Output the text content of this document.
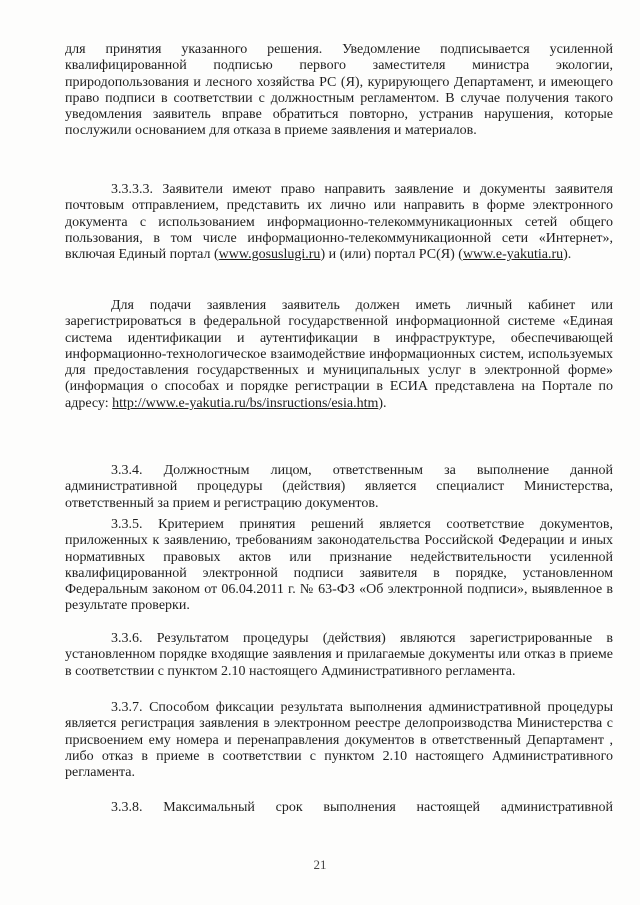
для принятия указанного решения. Уведомление подписывается усиленной квалифицированной подписью первого заместителя министра экологии, природопользования и лесного хозяйства РС (Я), курирующего Департамент, и имеющего право подписи в соответствии с должностным регламентом. В случае получения такого уведомления заявитель вправе обратиться повторно, устранив нарушения, которые послужили основанием для отказа в приеме заявления и материалов.

3.3.3.3. Заявители имеют право направить заявление и документы заявителя почтовым отправлением, представить их лично или направить в форме электронного документа с использованием информационно-телекоммуникационных сетей общего пользования, в том числе информационно-телекоммуникационной сети «Интернет», включая Единый портал (www.gosuslugi.ru) и (или) портал РС(Я) (www.e-yakutia.ru).

Для подачи заявления заявитель должен иметь личный кабинет или зарегистрироваться в федеральной государственной информационной системе «Единая система идентификации и аутентификации в инфраструктуре, обеспечивающей информационно-технологическое взаимодействие информационных систем, используемых для предоставления государственных и муниципальных услуг в электронной форме» (информация о способах и порядке регистрации в ЕСИА представлена на Портале по адресу: http://www.e-yakutia.ru/bs/insructions/esia.htm).

3.3.4. Должностным лицом, ответственным за выполнение данной административной процедуры (действия) является специалист Министерства, ответственный за прием и регистрацию документов.

3.3.5. Критерием принятия решений является соответствие документов, приложенных к заявлению, требованиям законодательства Российской Федерации и иных нормативных правовых актов или признание недействительности усиленной квалифицированной электронной подписи заявителя в порядке, установленном Федеральным законом от 06.04.2011 г. № 63-ФЗ «Об электронной подписи», выявленное в результате проверки.

3.3.6. Результатом процедуры (действия) являются зарегистрированные в установленном порядке входящие заявления и прилагаемые документы или отказ в приеме в соответствии с пунктом 2.10 настоящего Административного регламента.

3.3.7. Способом фиксации результата выполнения административной процедуры является регистрация заявления в электронном реестре делопроизводства Министерства с присвоением ему номера и перенаправления документов в ответственный Департамент , либо отказ в приеме в соответствии с пунктом 2.10 настоящего Административного регламента.

3.3.8. Максимальный срок выполнения настоящей административной

21
